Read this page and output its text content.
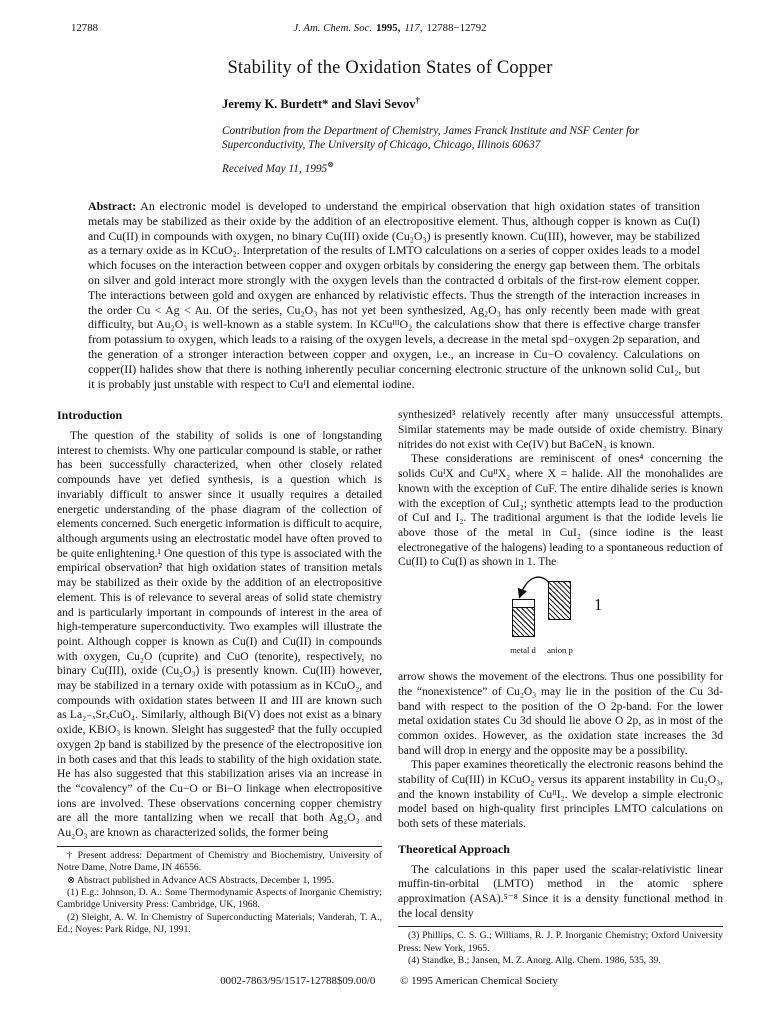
12788	J. Am. Chem. Soc. 1995, 117, 12788−12792
Stability of the Oxidation States of Copper
Jeremy K. Burdett* and Slavi Sevov†
Contribution from the Department of Chemistry, James Franck Institute and NSF Center for Superconductivity, The University of Chicago, Chicago, Illinois 60637
Received May 11, 1995⊗
Abstract: An electronic model is developed to understand the empirical observation that high oxidation states of transition metals may be stabilized as their oxide by the addition of an electropositive element. Thus, although copper is known as Cu(I) and Cu(II) in compounds with oxygen, no binary Cu(III) oxide (Cu₂O₃) is presently known. Cu(III), however, may be stabilized as a ternary oxide as in KCuO₂. Interpretation of the results of LMTO calculations on a series of copper oxides leads to a model which focuses on the interaction between copper and oxygen orbitals by considering the energy gap between them. The orbitals on silver and gold interact more strongly with the oxygen levels than the contracted d orbitals of the first-row element copper. The interactions between gold and oxygen are enhanced by relativistic effects. Thus the strength of the interaction increases in the order Cu < Ag < Au. Of the series, Cu₂O₃ has not yet been synthesized, Ag₂O₃ has only recently been made with great difficulty, but Au₂O₃ is well-known as a stable system. In KCuᴵᴵᴵO₂ the calculations show that there is effective charge transfer from potassium to oxygen, which leads to a raising of the oxygen levels, a decrease in the metal spd−oxygen 2p separation, and the generation of a stronger interaction between copper and oxygen, i.e., an increase in Cu−O covalency. Calculations on copper(II) halides show that there is nothing inherently peculiar concerning electronic structure of the unknown solid CuI₂, but it is probably just unstable with respect to CuᴵI and elemental iodine.
Introduction

The question of the stability of solids is one of longstanding interest to chemists. Why one particular compound is stable, or rather has been successfully characterized, when other closely related compounds have yet defied synthesis, is a question which is invariably difficult to answer since it usually requires a detailed energetic understanding of the phase diagram of the collection of elements concerned. Such energetic information is difficult to acquire, although arguments using an electrostatic model have often proved to be quite enlightening.¹ One question of this type is associated with the empirical observation² that high oxidation states of transition metals may be stabilized as their oxide by the addition of an electropositive element. This is of relevance to several areas of solid state chemistry and is particularly important in compounds of interest in the area of high-temperature superconductivity. Two examples will illustrate the point. Although copper is known as Cu(I) and Cu(II) in compounds with oxygen, Cu₂O (cuprite) and CuO (tenorite), respectively, no binary Cu(III), oxide (Cu₂O₃) is presently known. Cu(III) however, may be stabilized in a ternary oxide with potassium as in KCuO₂, and compounds with oxidation states between II and III are known such as La₂₋ₓSrₓCuO₄. Similarly, although Bi(V) does not exist as a binary oxide, KBiO₃ is known. Sleight has suggested² that the fully occupied oxygen 2p band is stabilized by the presence of the electropositive ion in both cases and that this leads to stability of the high oxidation state. He has also suggested that this stabilization arises via an increase in the “covalency” of the Cu−O or Bi−O linkage when electropositive ions are involved. These observations concerning copper chemistry are all the more tantalizing when we recall that both Ag₂O₃ and Au₂O₃ are known as characterized solids, the former being

† Present address: Department of Chemistry and Biochemistry, University of Notre Dame, Notre Dame, IN 46556.
⊗ Abstract published in Advance ACS Abstracts, December 1, 1995.
(1) E.g.: Johnson, D. A.: Some Thermodynamic Aspects of Inorganic Chemistry; Cambridge University Press: Cambridge, UK, 1968.
(2) Sleight, A. W. In Chemistry of Superconducting Materials; Vanderah, T. A., Ed.; Noyes: Park Ridge, NJ, 1991.

synthesized³ relatively recently after many unsuccessful attempts. Similar statements may be made outside of oxide chemistry. Binary nitrides do not exist with Ce(IV) but BaCeN₂ is known.

These considerations are reminiscent of ones⁴ concerning the solids CuᴵX and CuᴵᴵX₂ where X = halide. All the monohalides are known with the exception of CuF. The entire dihalide series is known with the exception of CuI₂; synthetic attempts lead to the production of CuI and I₂. The traditional argument is that the iodide levels lie above those of the metal in CuI₂ (since iodine is the least electronegative of the halogens) leading to a spontaneous reduction of Cu(II) to Cu(I) as shown in 1. The

metal d	anion p
1

arrow shows the movement of the electrons. Thus one possibility for the “nonexistence” of Cu₂O₃ may lie in the position of the Cu 3d-band with respect to the position of the O 2p-band. For the lower metal oxidation states Cu 3d should lie above O 2p, as in most of the common oxides. However, as the oxidation state increases the 3d band will drop in energy and the opposite may be a possibility.

This paper examines theoretically the electronic reasons behind the stability of Cu(III) in KCuO₂ versus its apparent instability in Cu₂O₃, and the known instability of CuᴵᴵI₂. We develop a simple electronic model based on high-quality first principles LMTO calculations on both sets of these materials.

Theoretical Approach

The calculations in this paper used the scalar-relativistic linear muffin-tin-orbital (LMTO) method in the atomic sphere approximation (ASA).⁵⁻⁸ Since it is a density functional method in the local density

(3) Phillips, C. S. G.; Williams, R. J. P. Inorganic Chemistry; Oxford University Press: New York, 1965.
(4) Standke, B.; Jansen, M. Z. Anorg. Allg. Chem. 1986, 535, 39.
0002-7863/95/1517-12788$09.00/0 © 1995 American Chemical Society
